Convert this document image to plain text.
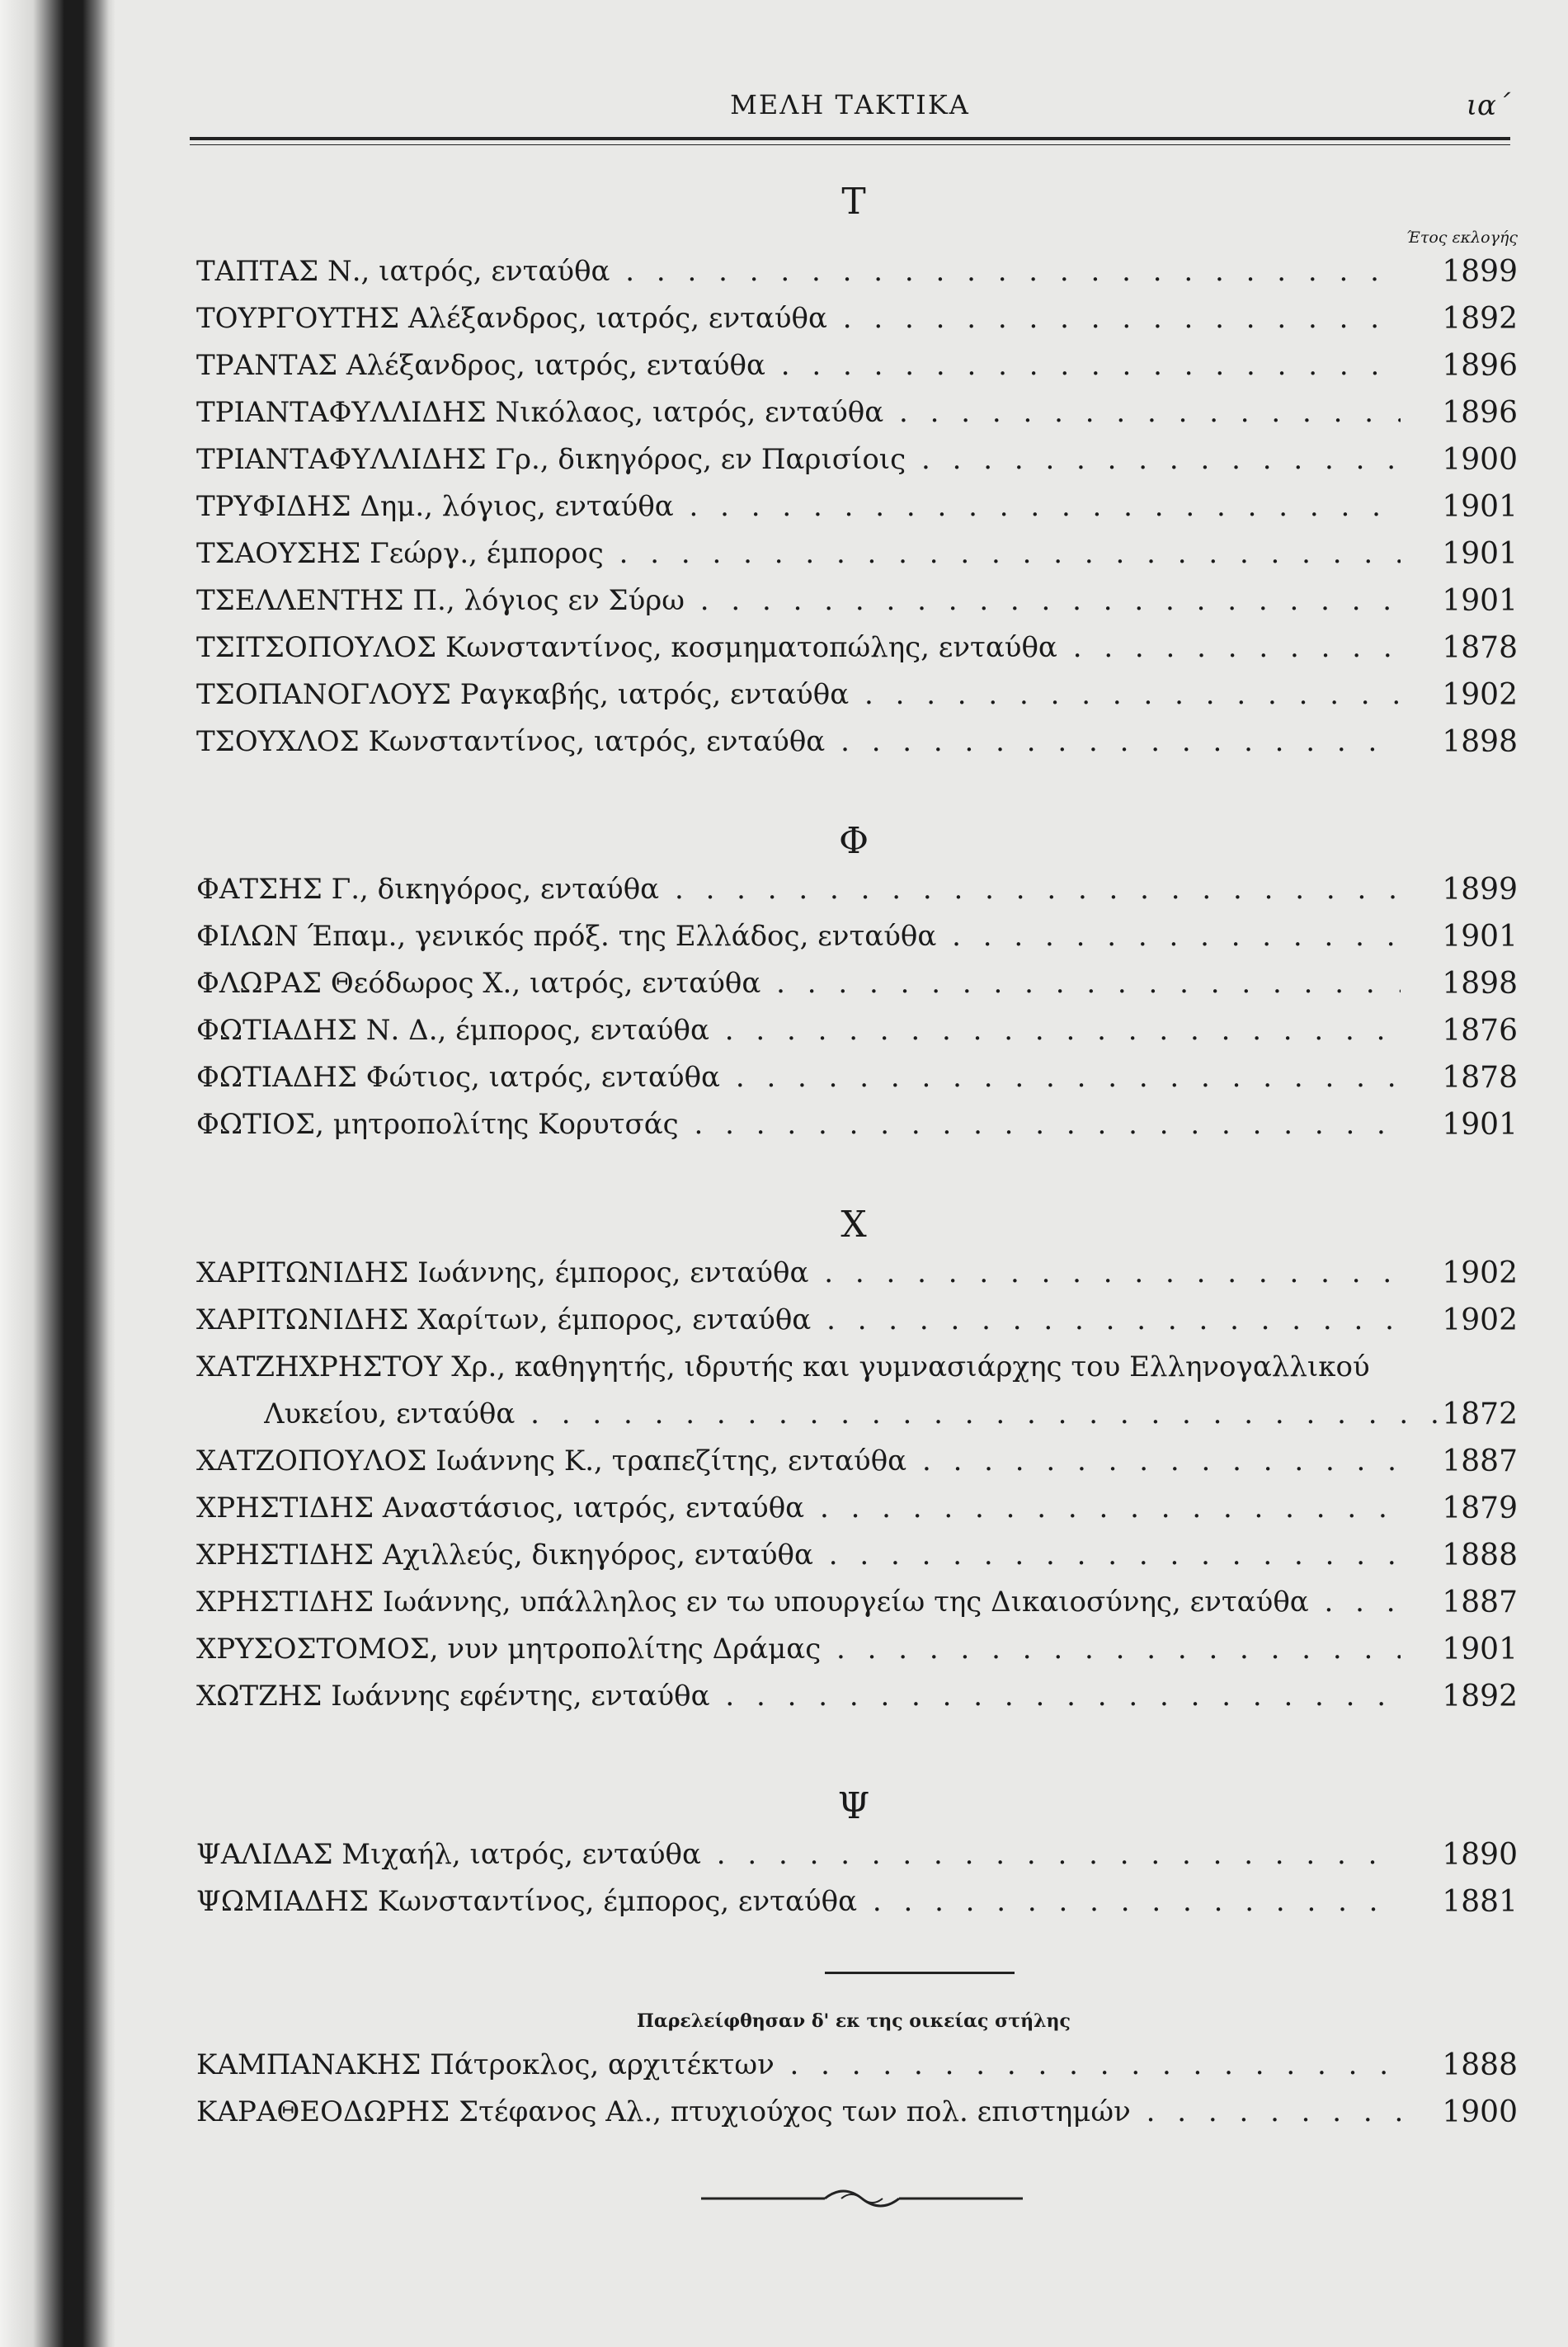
ΜΕΛΗ ΤΑΚΤΙΚΑ	ια΄
Τ
Έτος εκλογής
ΤΑΠΤΑΣ Ν., ιατρός, ενταύθα . . .	1899
ΤΟΥΡΓΟΥΤΗΣ Αλέξανδρος, ιατρός, ενταύθα . . .	1892
ΤΡΑΝΤΑΣ Αλέξανδρος, ιατρός, ενταύθα . . .	1896
ΤΡΙΑΝΤΑΦΥΛΛΙΔΗΣ Νικόλαος, ιατρός, ενταύθα . . .	1896
ΤΡΙΑΝΤΑΦΥΛΛΙΔΗΣ Γρ., δικηγόρος, εν Παρισίοις . . .	1900
ΤΡΥΦΙΔΗΣ Δημ., λόγιος, ενταύθα . . .	1901
ΤΣΑΟΥΣΗΣ Γεώργ., έμπορος . . .	1901
ΤΣΕΛΛΕΝΤΗΣ Π., λόγιος εν Σύρω . . .	1901
ΤΣΙΤΣΟΠΟΥΛΟΣ Κωνσταντίνος, κοσμηματοπώλης, ενταύθα . . .	1878
ΤΣΟΠΑΝΟΓΛΟΥΣ Ραγκαβής, ιατρός, ενταύθα . . .	1902
ΤΣΟΥΧΛΟΣ Κωνσταντίνος, ιατρός, ενταύθα . . .	1898
Φ
ΦΑΤΣΗΣ Γ., δικηγόρος, ενταύθα . . .	1899
ΦΙΛΩΝ Έπαμ., γενικός πρόξ. της Ελλάδος, ενταύθα . . .	1901
ΦΛΩΡΑΣ Θεόδωρος Χ., ιατρός, ενταύθα . . .	1898
ΦΩΤΙΑΔΗΣ Ν. Δ., έμπορος, ενταύθα . . .	1876
ΦΩΤΙΑΔΗΣ Φώτιος, ιατρός, ενταύθα . . .	1878
ΦΩΤΙΟΣ, μητροπολίτης Κορυτσάς . . .	1901
Χ
ΧΑΡΙΤΩΝΙΔΗΣ Ιωάννης, έμπορος, ενταύθα . . .	1902
ΧΑΡΙΤΩΝΙΔΗΣ Χαρίτων, έμπορος, ενταύθα . . .	1902
ΧΑΤΖΗΧΡΗΣΤΟΥ Χρ., καθηγητής, ιδρυτής και γυμνασιάρχης του Ελληνογαλλικού
Λυκείου, ενταύθα . . .	1872
ΧΑΤΖΟΠΟΥΛΟΣ Ιωάννης Κ., τραπεζίτης, ενταύθα . . .	1887
ΧΡΗΣΤΙΔΗΣ Αναστάσιος, ιατρός, ενταύθα . . .	1879
ΧΡΗΣΤΙΔΗΣ Αχιλλεύς, δικηγόρος, ενταύθα . . .	1888
ΧΡΗΣΤΙΔΗΣ Ιωάννης, υπάλληλος εν τω υπουργείω της Δικαιοσύνης, ενταύθα . . .	1887
ΧΡΥΣΟΣΤΟΜΟΣ, νυν μητροπολίτης Δράμας . . .	1901
ΧΩΤΖΗΣ Ιωάννης εφέντης, ενταύθα . . .	1892
Ψ
ΨΑΛΙΔΑΣ Μιχαήλ, ιατρός, ενταύθα . . .	1890
ΨΩΜΙΑΔΗΣ Κωνσταντίνος, έμπορος, ενταύθα . . .	1881
Παρελείφθησαν δ' εκ της οικείας στήλης
ΚΑΜΠΑΝΑΚΗΣ Πάτροκλος, αρχιτέκτων . . .	1888
ΚΑΡΑΘΕΟΔΩΡΗΣ Στέφανος Αλ., πτυχιούχος των πολ. επιστημών . . .	1900
